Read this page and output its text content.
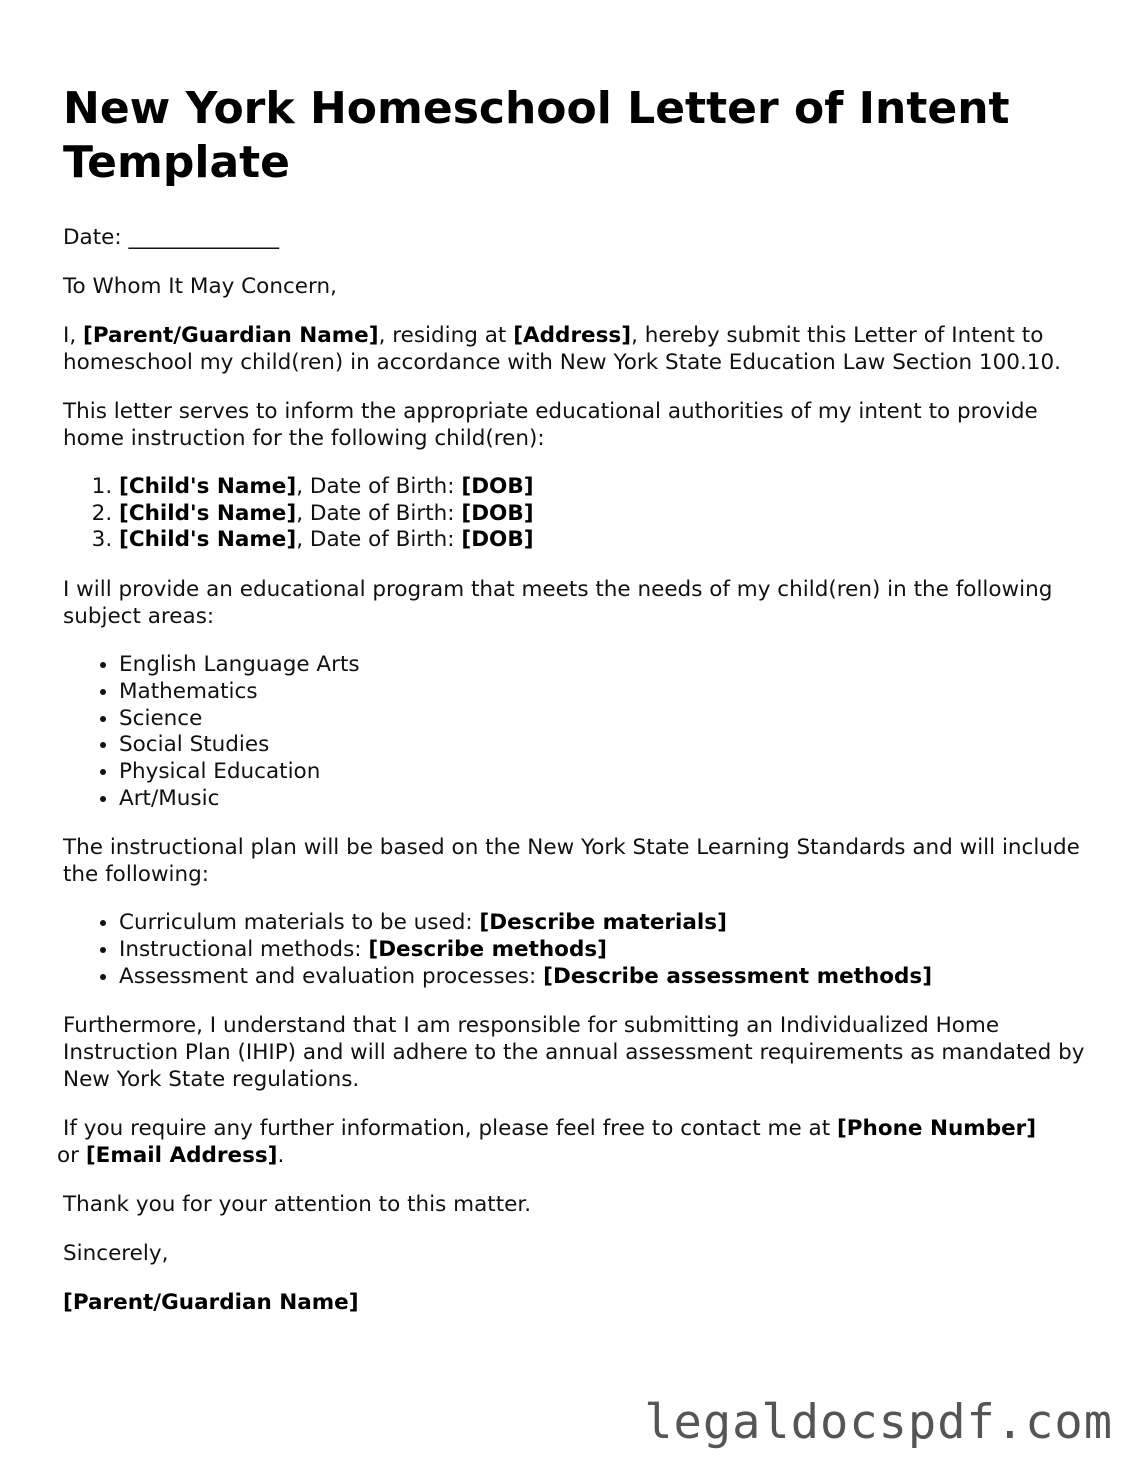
New York Homeschool Letter of Intent Template

Date: ______________

To Whom It May Concern,

I, [Parent/Guardian Name], residing at [Address], hereby submit this Letter of Intent to homeschool my child(ren) in accordance with New York State Education Law Section 100.10.

This letter serves to inform the appropriate educational authorities of my intent to provide home instruction for the following child(ren):

1. [Child's Name], Date of Birth: [DOB]
2. [Child's Name], Date of Birth: [DOB]
3. [Child's Name], Date of Birth: [DOB]

I will provide an educational program that meets the needs of my child(ren) in the following subject areas:

• English Language Arts
• Mathematics
• Science
• Social Studies
• Physical Education
• Art/Music

The instructional plan will be based on the New York State Learning Standards and will include the following:

• Curriculum materials to be used: [Describe materials]
• Instructional methods: [Describe methods]
• Assessment and evaluation processes: [Describe assessment methods]

Furthermore, I understand that I am responsible for submitting an Individualized Home Instruction Plan (IHIP) and will adhere to the annual assessment requirements as mandated by New York State regulations.

If you require any further information, please feel free to contact me at [Phone Number]
or [Email Address].

Thank you for your attention to this matter.

Sincerely,

[Parent/Guardian Name]

legaldocspdf.com
